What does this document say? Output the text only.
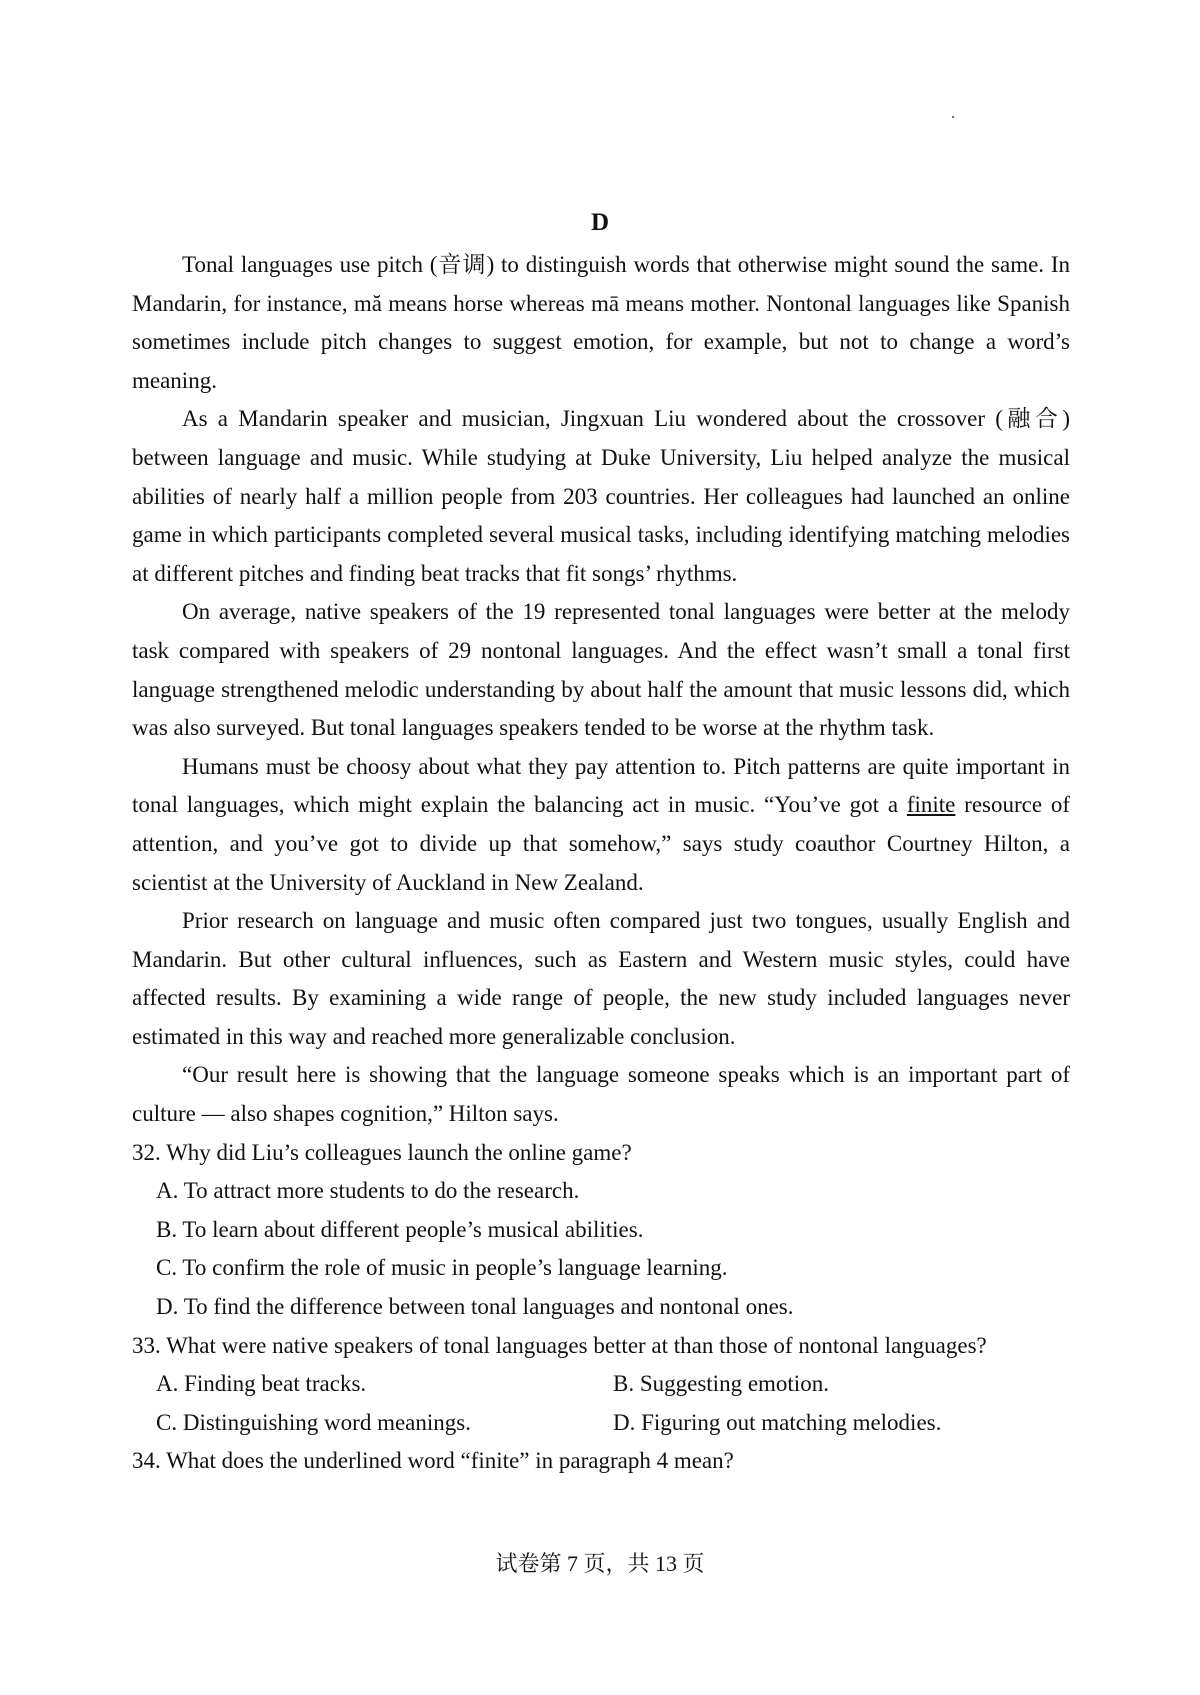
D

Tonal languages use pitch (音调) to distinguish words that otherwise might sound the same. In Mandarin, for instance, mă means horse whereas mā means mother. Nontonal languages like Spanish sometimes include pitch changes to suggest emotion, for example, but not to change a word’s meaning.

As a Mandarin speaker and musician, Jingxuan Liu wondered about the crossover (融合) between language and music. While studying at Duke University, Liu helped analyze the musical abilities of nearly half a million people from 203 countries. Her colleagues had launched an online game in which participants completed several musical tasks, including identifying matching melodies at different pitches and finding beat tracks that fit songs’ rhythms.

On average, native speakers of the 19 represented tonal languages were better at the melody task compared with speakers of 29 nontonal languages. And the effect wasn’t small a tonal first language strengthened melodic understanding by about half the amount that music lessons did, which was also surveyed. But tonal languages speakers tended to be worse at the rhythm task.

Humans must be choosy about what they pay attention to. Pitch patterns are quite important in tonal languages, which might explain the balancing act in music. “You’ve got a finite resource of attention, and you’ve got to divide up that somehow,” says study coauthor Courtney Hilton, a scientist at the University of Auckland in New Zealand.

Prior research on language and music often compared just two tongues, usually English and Mandarin. But other cultural influences, such as Eastern and Western music styles, could have affected results. By examining a wide range of people, the new study included languages never estimated in this way and reached more generalizable conclusion.

“Our result here is showing that the language someone speaks which is an important part of culture — also shapes cognition,” Hilton says.

32. Why did Liu’s colleagues launch the online game?

A. To attract more students to do the research.

B. To learn about different people’s musical abilities.

C. To confirm the role of music in people’s language learning.

D. To find the difference between tonal languages and nontonal ones.

33. What were native speakers of tonal languages better at than those of nontonal languages?

A. Finding beat tracks.	B. Suggesting emotion.
C. Distinguishing word meanings.	D. Figuring out matching melodies.

34. What does the underlined word “finite” in paragraph 4 mean?

试卷第 7 页，共 13 页
